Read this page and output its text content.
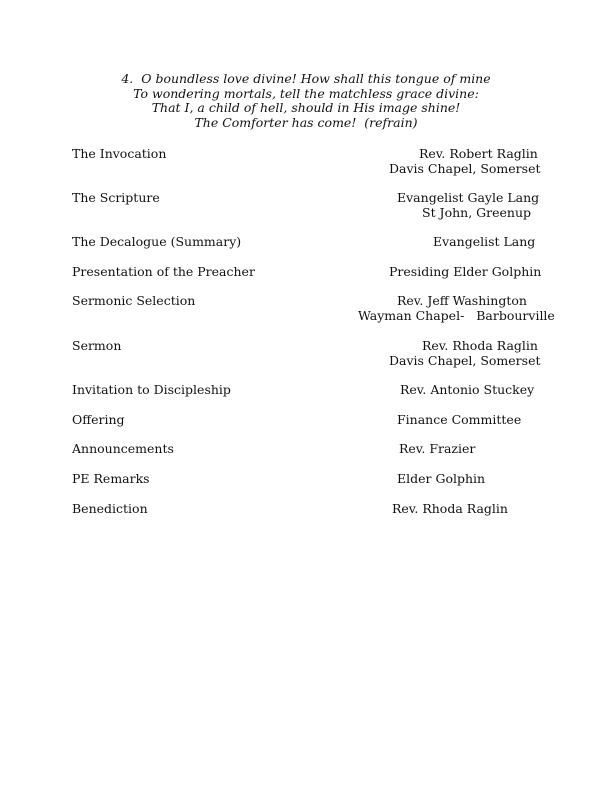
4.  O boundless love divine! How shall this tongue of mine
To wondering mortals, tell the matchless grace divine:
That I, a child of hell, should in His image shine!
The Comforter has come!  (refrain)
The Invocation	Rev. Robert Raglin
Davis Chapel, Somerset
The Scripture	Evangelist Gayle Lang
St John, Greenup
The Decalogue (Summary)	Evangelist Lang
Presentation of the Preacher	Presiding Elder Golphin
Sermonic Selection	Rev. Jeff Washington
Wayman Chapel-   Barbourville
Sermon	Rev. Rhoda Raglin
Davis Chapel, Somerset
Invitation to Discipleship	Rev. Antonio Stuckey
Offering	Finance Committee
Announcements	Rev. Frazier
PE Remarks	Elder Golphin
Benediction	Rev. Rhoda Raglin
